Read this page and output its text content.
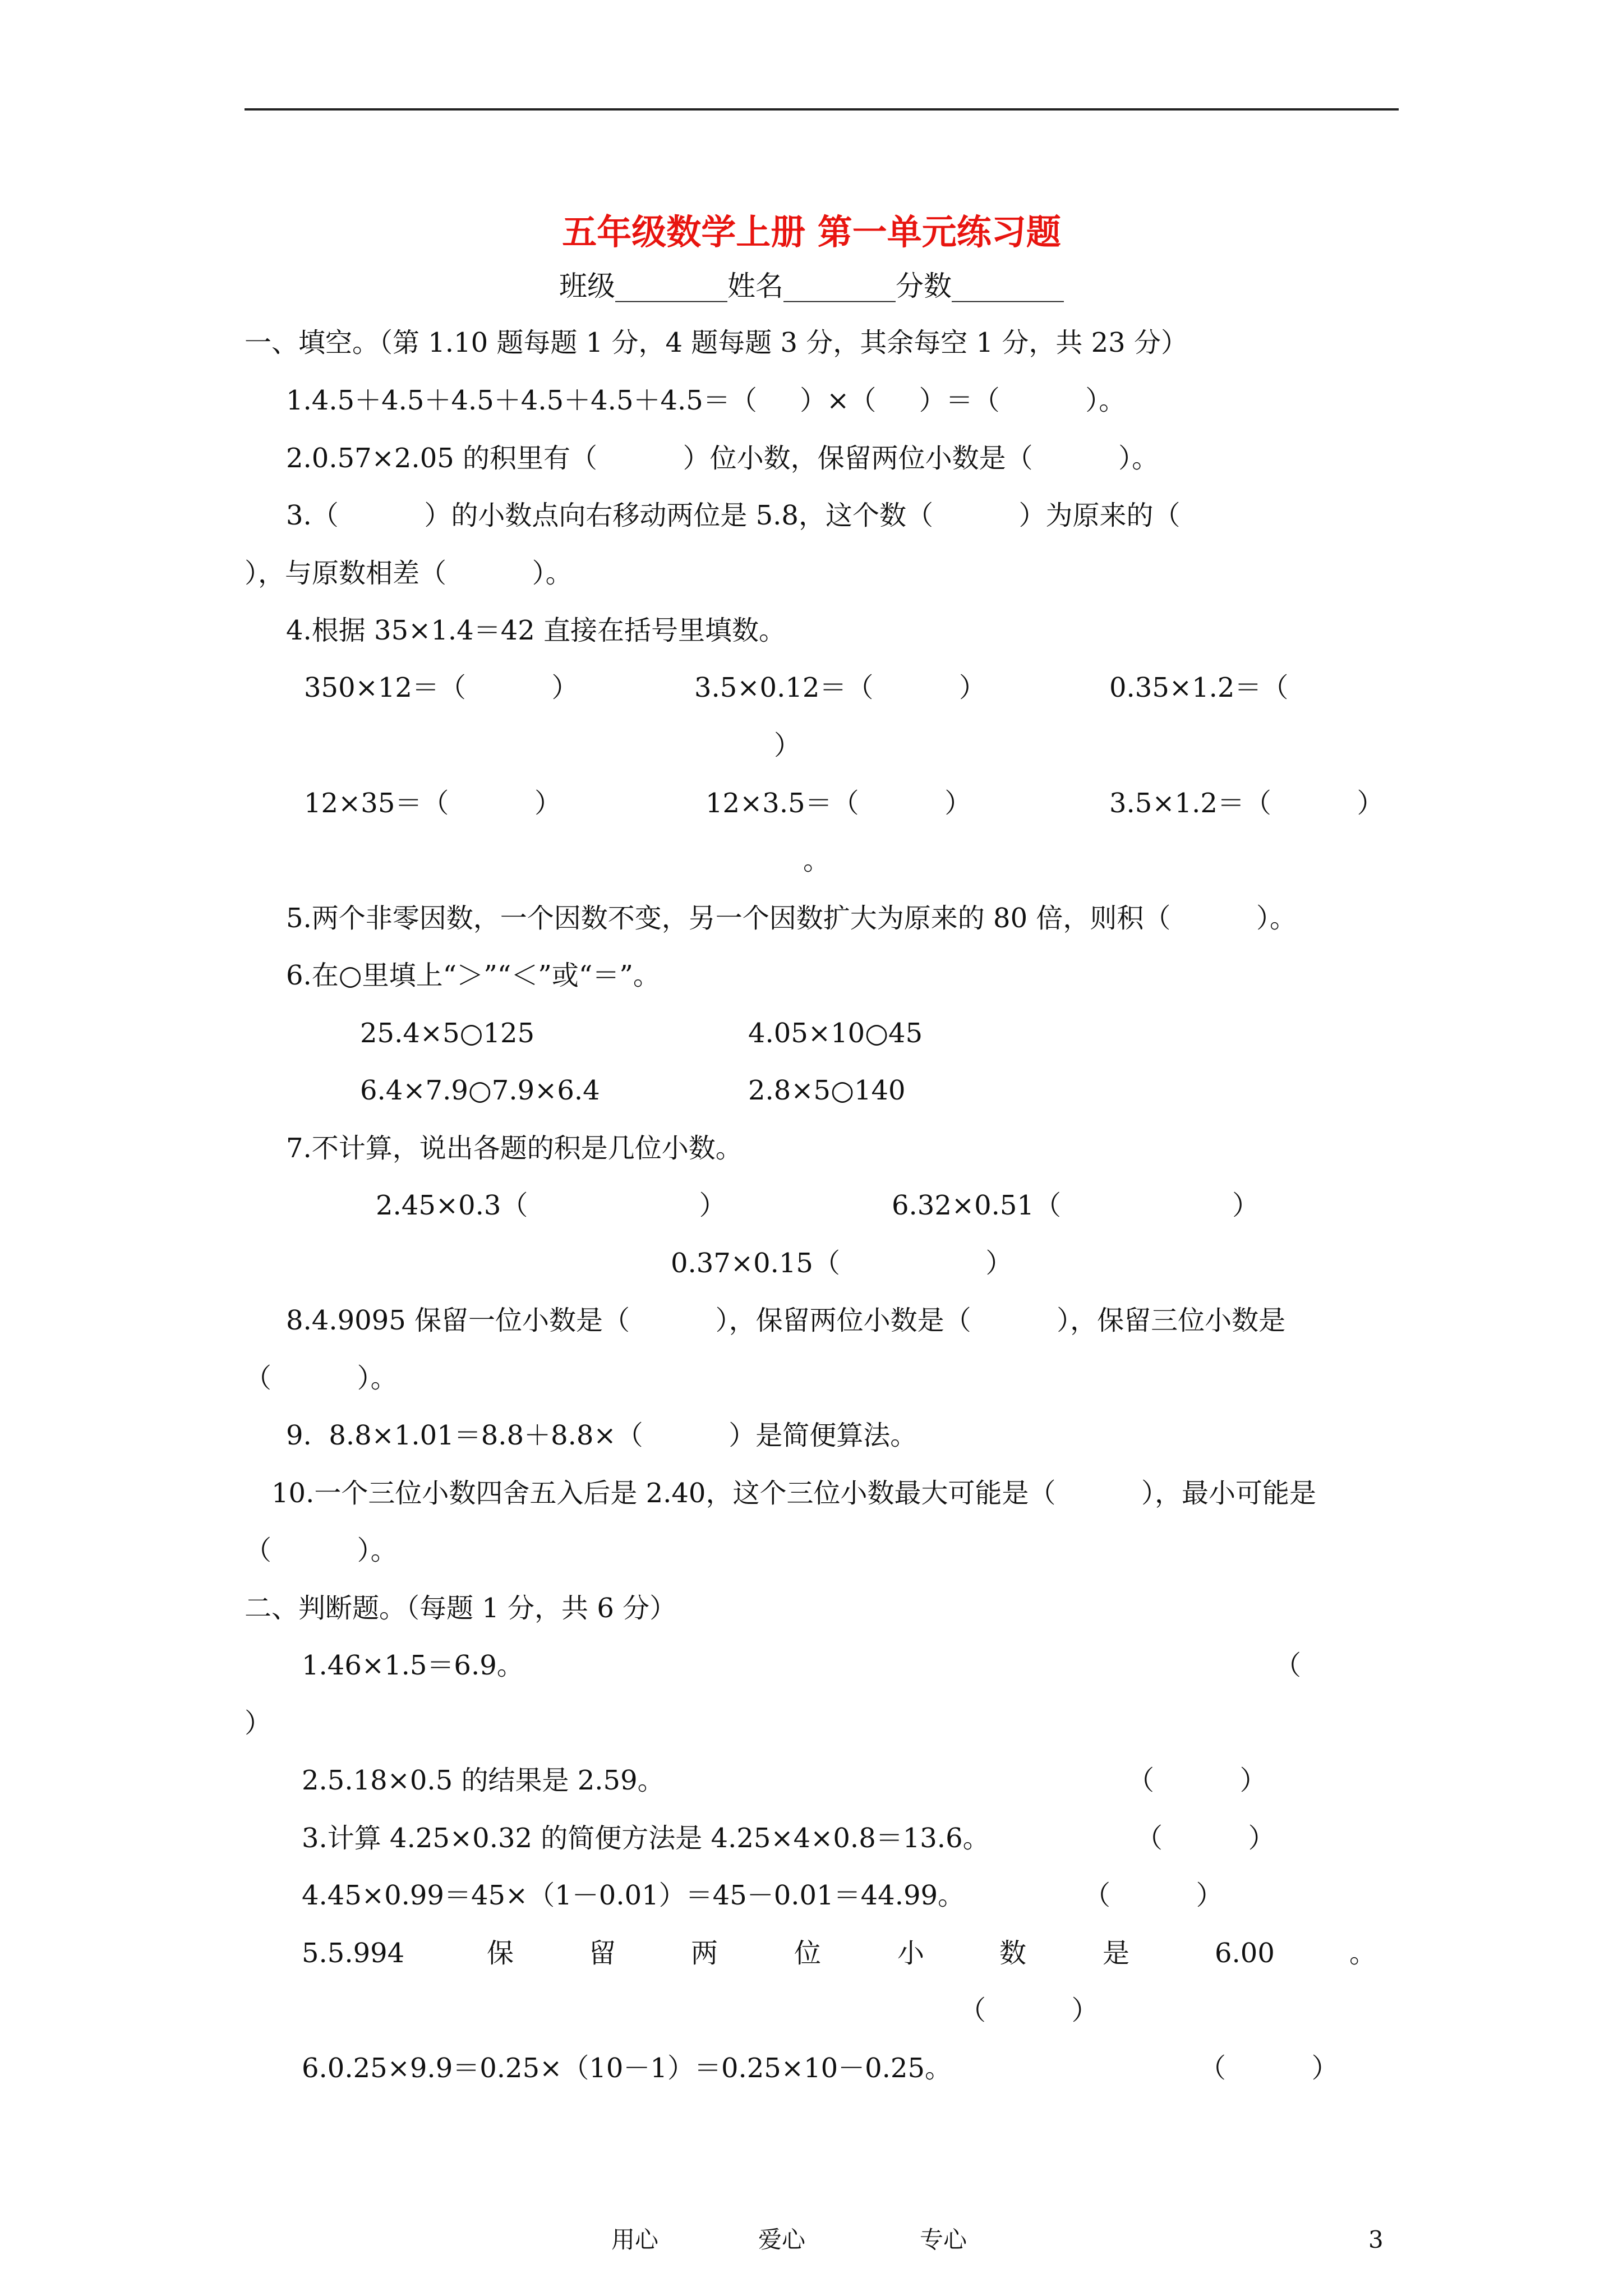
五年级数学上册 第一单元练习题
班级________姓名________分数________
一、填空。（第 1.10 题每题 1 分，4 题每题 3 分，其余每空 1 分，共 23 分）
1.4.5＋4.5＋4.5＋4.5＋4.5＋4.5＝（     ）×（     ）＝（          ）。
2.0.57×2.05 的积里有（          ）位小数，保留两位小数是（          ）。
3.（          ）的小数点向右移动两位是 5.8，这个数（          ）为原来的（
），与原数相差（          ）。
4.根据 35×1.4＝42 直接在括号里填数。
350×12＝（          ）	3.5×0.12＝（          ）	0.35×1.2＝（
）
12×35＝（          ）	12×3.5＝（          ）	3.5×1.2＝（          ）
。
5.两个非零因数，一个因数不变，另一个因数扩大为原来的 80 倍，则积（          ）。
6.在○里填上“＞”“＜”或“＝”。
25.4×5○125	4.05×10○45
6.4×7.9○7.9×6.4	2.8×5○140
7.不计算，说出各题的积是几位小数。
2.45×0.3（                    ）	6.32×0.51（                    ）
0.37×0.15（                 ）
8.4.9095 保留一位小数是（          ），保留两位小数是（          ），保留三位小数是
（          ）。
9.  8.8×1.01＝8.8＋8.8×（          ）是简便算法。
10.一个三位小数四舍五入后是 2.40，这个三位小数最大可能是（          ），最小可能是
（          ）。
二、判断题。（每题 1 分，共 6 分）
1.46×1.5＝6.9。	（
）
2.5.18×0.5 的结果是 2.59。	（          ）
3.计算 4.25×0.32 的简便方法是 4.25×4×0.8＝13.6。	（          ）
4.45×0.99＝45×（1－0.01）＝45－0.01＝44.99。	（          ）
5.5.994	保	留	两	位	小	数	是	6.00	。
（          ）
6.0.25×9.9＝0.25×（10－1）＝0.25×10－0.25。	（          ）
用心	爱心	专心	3
